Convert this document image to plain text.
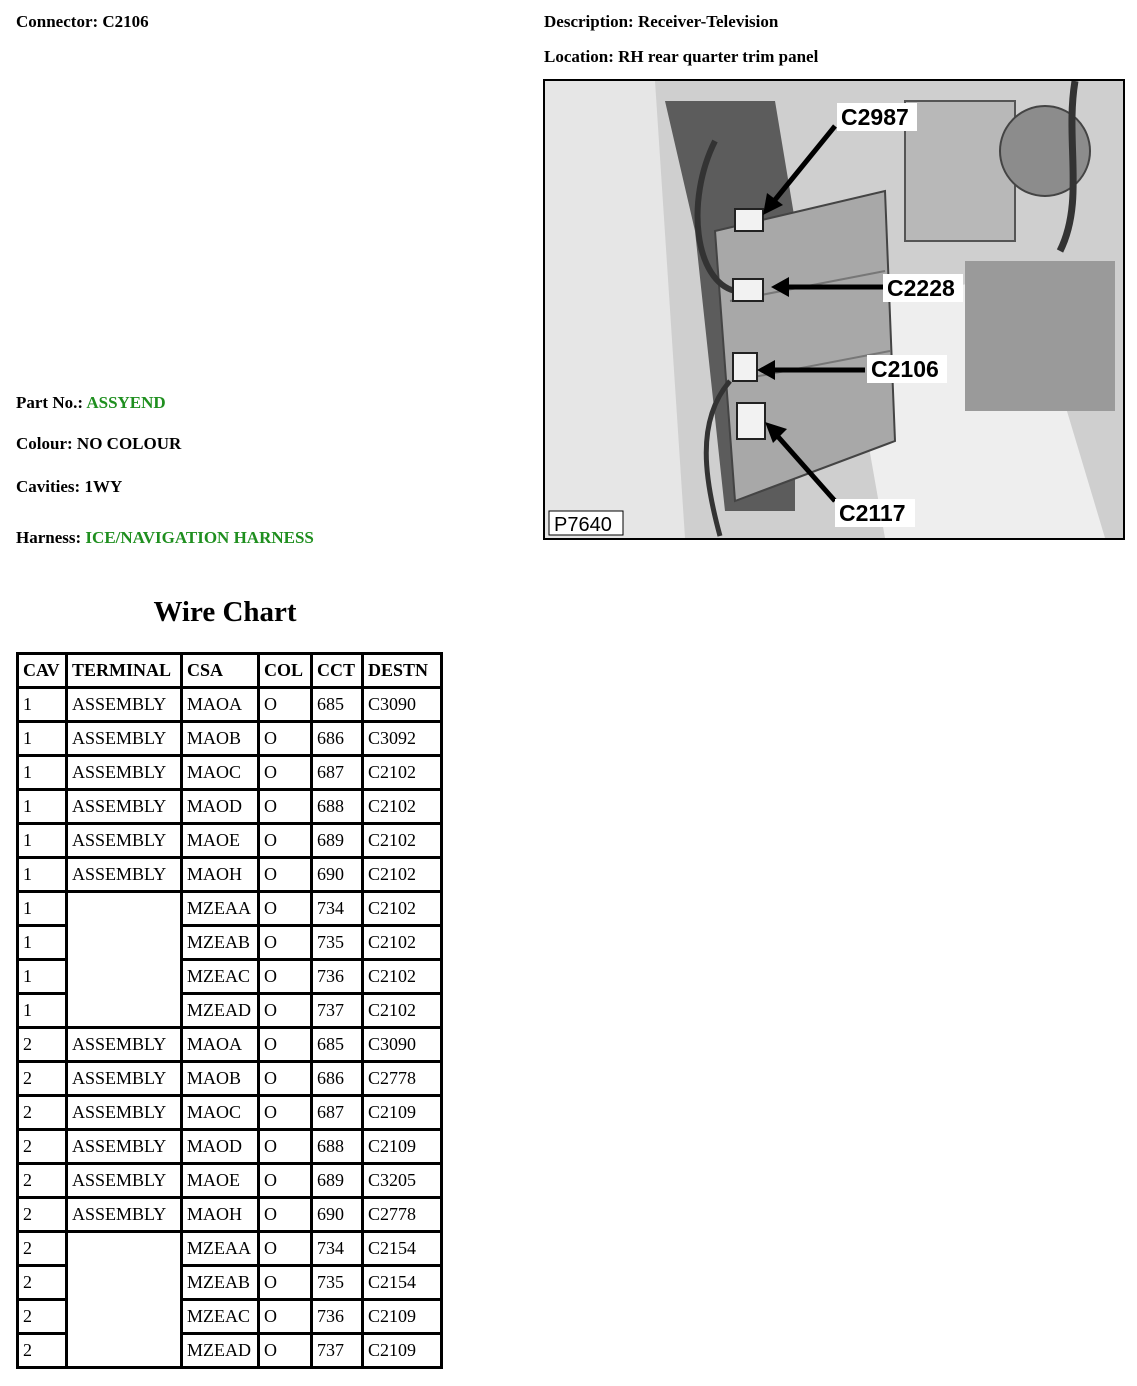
Connector: C2106	Description: Receiver-Television
Location: RH rear quarter trim panel
Part No.: ASSYEND
Colour: NO COLOUR
Cavities: 1WY
Harness: ICE/NAVIGATION HARNESS
C2987
C2228
C2106
C2117
P7640
Wire Chart
CAV	TERMINAL	CSA	COL	CCT	DESTN
1	ASSEMBLY	MAOA	O	685	C3090
1	ASSEMBLY	MAOB	O	686	C3092
1	ASSEMBLY	MAOC	O	687	C2102
1	ASSEMBLY	MAOD	O	688	C2102
1	ASSEMBLY	MAOE	O	689	C2102
1	ASSEMBLY	MAOH	O	690	C2102
1		MZEAA	O	734	C2102
1		MZEAB	O	735	C2102
1		MZEAC	O	736	C2102
1		MZEAD	O	737	C2102
2	ASSEMBLY	MAOA	O	685	C3090
2	ASSEMBLY	MAOB	O	686	C2778
2	ASSEMBLY	MAOC	O	687	C2109
2	ASSEMBLY	MAOD	O	688	C2109
2	ASSEMBLY	MAOE	O	689	C3205
2	ASSEMBLY	MAOH	O	690	C2778
2		MZEAA	O	734	C2154
2		MZEAB	O	735	C2154
2		MZEAC	O	736	C2109
2		MZEAD	O	737	C2109
